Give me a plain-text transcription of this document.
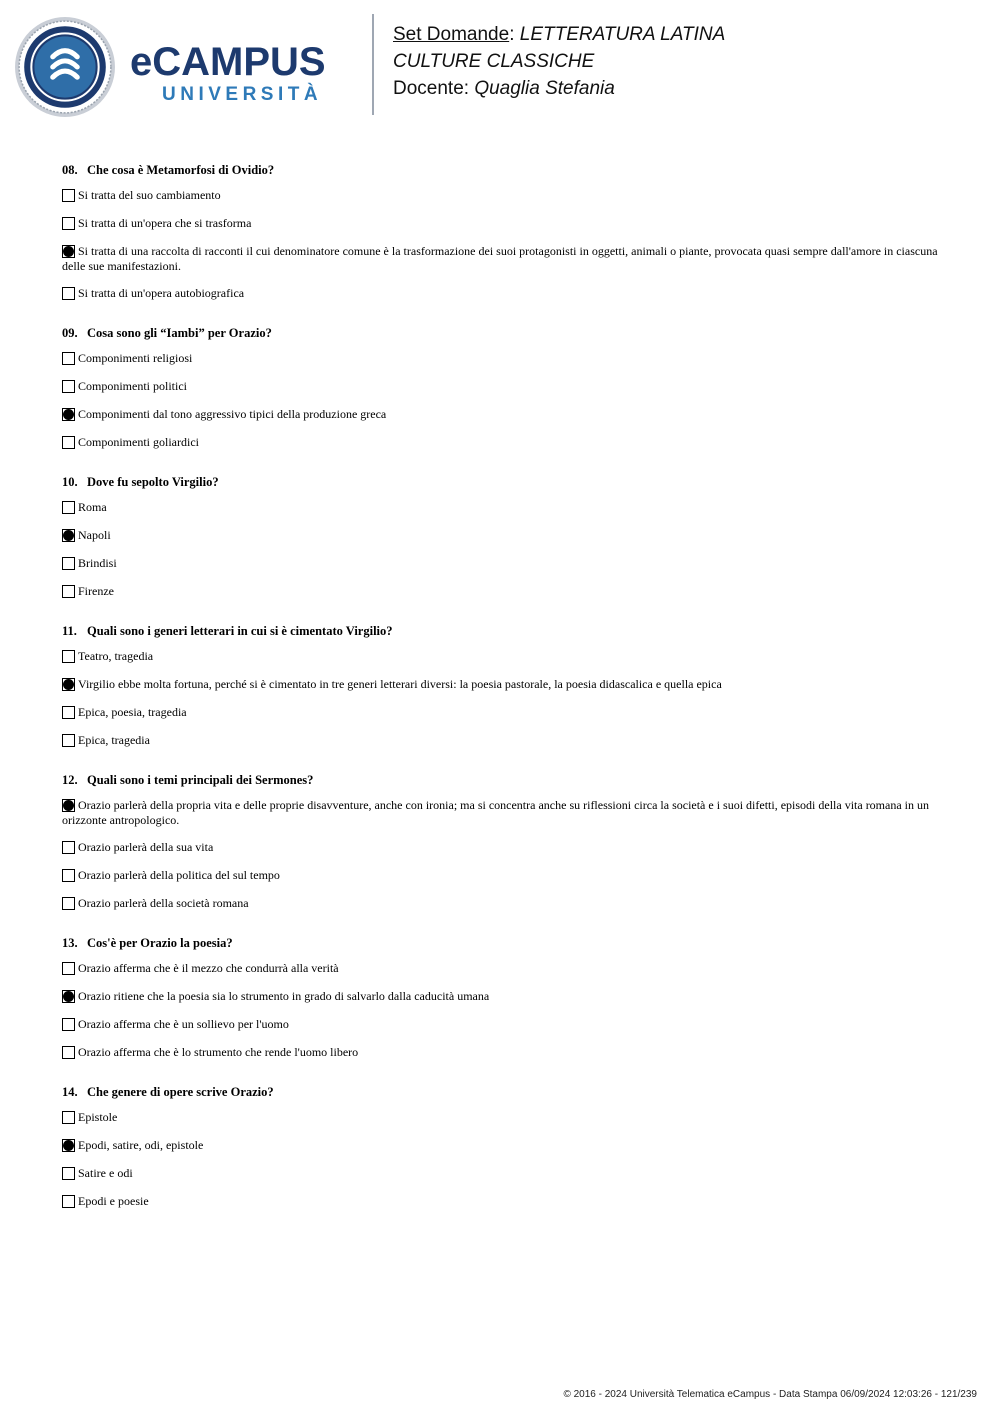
eCAMPUS
UNIVERSITÀ
Set Domande: LETTERATURA LATINA
CULTURE CLASSICHE
Docente: Quaglia Stefania
08. Che cosa è Metamorfosi di Ovidio?
Si tratta del suo cambiamento
Si tratta di un'opera che si trasforma
Si tratta di una raccolta di racconti il cui denominatore comune è la trasformazione dei suoi protagonisti in oggetti, animali o piante, provocata quasi sempre dall'amore in ciascuna delle sue manifestazioni.
Si tratta di un'opera autobiografica
09. Cosa sono gli “Iambi” per Orazio?
Componimenti religiosi
Componimenti politici
Componimenti dal tono aggressivo tipici della produzione greca
Componimenti goliardici
10. Dove fu sepolto Virgilio?
Roma
Napoli
Brindisi
Firenze
11. Quali sono i generi letterari in cui si è cimentato Virgilio?
Teatro, tragedia
Virgilio ebbe molta fortuna, perché si è cimentato in tre generi letterari diversi: la poesia pastorale, la poesia didascalica e quella epica
Epica, poesia, tragedia
Epica, tragedia
12. Quali sono i temi principali dei Sermones?
Orazio parlerà della propria vita e delle proprie disavventure, anche con ironia; ma si concentra anche su riflessioni circa la società e i suoi difetti, episodi della vita romana in un orizzonte antropologico.
Orazio parlerà della sua vita
Orazio parlerà della politica del sul tempo
Orazio parlerà della società romana
13. Cos'è per Orazio la poesia?
Orazio afferma che è il mezzo che condurrà alla verità
Orazio ritiene che la poesia sia lo strumento in grado di salvarlo dalla caducità umana
Orazio afferma che è un sollievo per l'uomo
Orazio afferma che è lo strumento che rende l'uomo libero
14. Che genere di opere scrive Orazio?
Epistole
Epodi, satire, odi, epistole
Satire e odi
Epodi e poesie
© 2016 - 2024 Università Telematica eCampus - Data Stampa 06/09/2024 12:03:26 - 121/239
